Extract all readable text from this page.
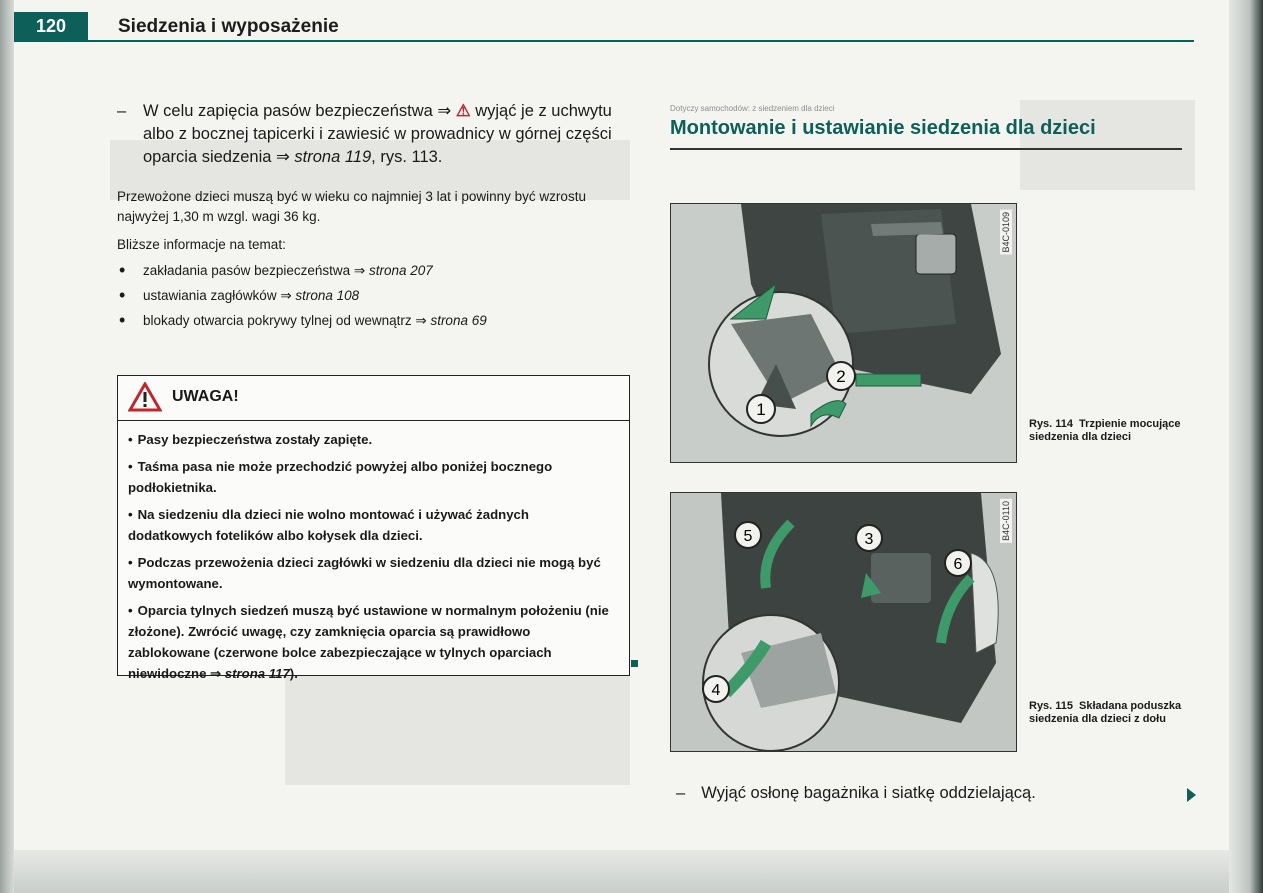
120	Siedzenia i wyposażenie
– W celu zapięcia pasów bezpieczeństwa ⇒ ⚠ wyjąć je z uchwytu albo z bocznej tapicerki i zawiesić w prowadnicy w górnej części oparcia siedzenia ⇒ strona 119, rys. 113.
Przewożone dzieci muszą być w wieku co najmniej 3 lat i powinny być wzrostu najwyżej 1,30 m wzgl. wagi 36 kg.
Bliższe informacje na temat:
• zakładania pasów bezpieczeństwa ⇒ strona 207
• ustawiania zagłówków ⇒ strona 108
• blokady otwarcia pokrywy tylnej od wewnątrz ⇒ strona 69
UWAGA!
• Pasy bezpieczeństwa zostały zapięte.
• Taśma pasa nie może przechodzić powyżej albo poniżej bocznego podłokietnika.
• Na siedzeniu dla dzieci nie wolno montować i używać żadnych dodatkowych fotelików albo kołysek dla dzieci.
• Podczas przewożenia dzieci zagłówki w siedzeniu dla dzieci nie mogą być wymontowane.
• Oparcia tylnych siedzeń muszą być ustawione w normalnym położeniu (nie złożone). Zwrócić uwagę, czy zamknięcia oparcia są prawidłowo zablokowane (czerwone bolce zabezpieczające w tylnych oparciach niewidoczne ⇒ strona 117).
Dotyczy samochodów: z siedzeniem dla dzieci
Montowanie i ustawianie siedzenia dla dzieci
1
2
B4C-0109
Rys. 114 Trzpienie mocujące siedzenia dla dzieci
3
4
5
6
B4C-0110
Rys. 115 Składana poduszka siedzenia dla dzieci z dołu
– Wyjąć osłonę bagażnika i siatkę oddzielającą.
